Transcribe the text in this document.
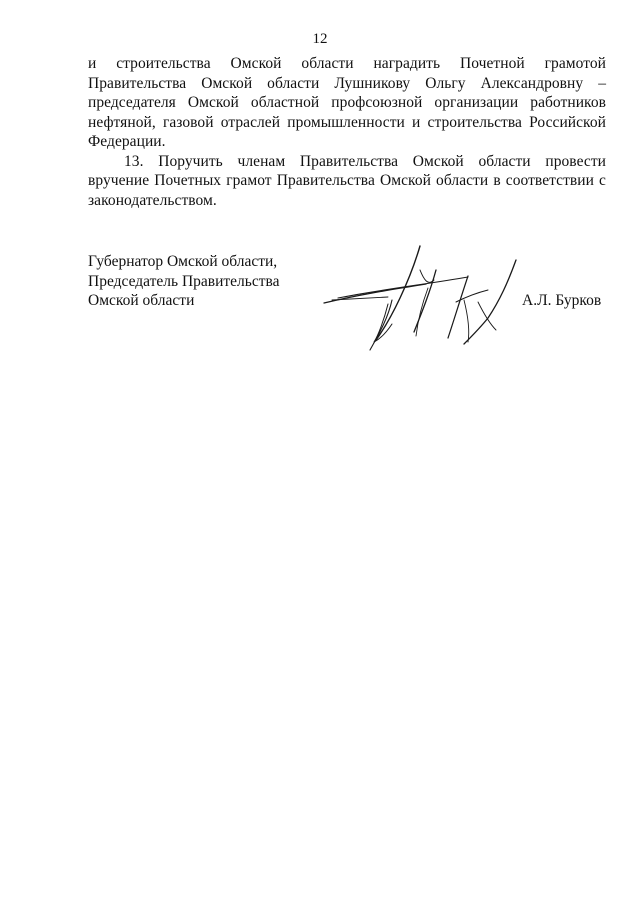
12

и строительства Омской области наградить Почетной грамотой Правительства Омской области Лушникову Ольгу Александровну – председателя Омской областной профсоюзной организации работников нефтяной, газовой отраслей промышленности и строительства Российской Федерации.

13. Поручить членам Правительства Омской области провести вручение Почетных грамот Правительства Омской области в соответствии с законодательством.

Губернатор Омской области,
Председатель Правительства
Омской области	А.Л. Бурков
